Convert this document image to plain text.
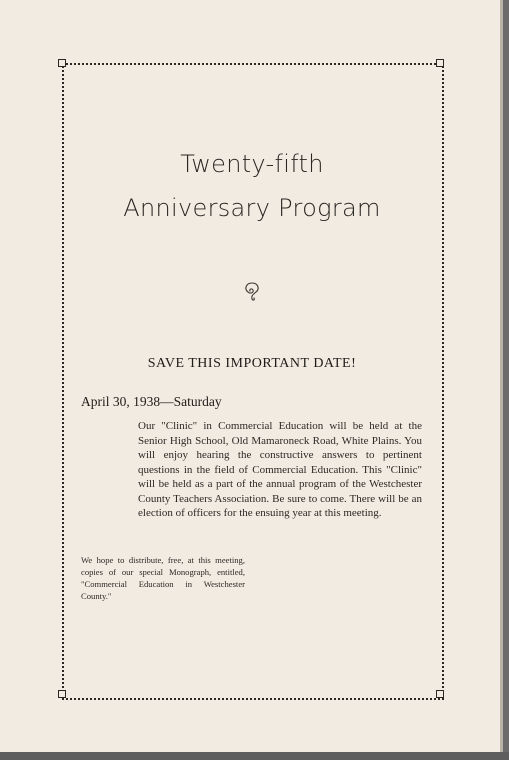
Twenty-fifth
Anniversary Program
SAVE THIS IMPORTANT DATE!
April 30, 1938—Saturday
Our "Clinic" in Commercial Education will be held at the Senior High School, Old Mamaroneck Road, White Plains. You will enjoy hearing the constructive answers to pertinent questions in the field of Commercial Education. This "Clinic" will be held as a part of the annual program of the Westchester County Teachers Association. Be sure to come. There will be an election of officers for the ensuing year at this meeting.
We hope to distribute, free, at this meeting, copies of our special Monograph, entitled, "Commercial Education in Westchester County."
